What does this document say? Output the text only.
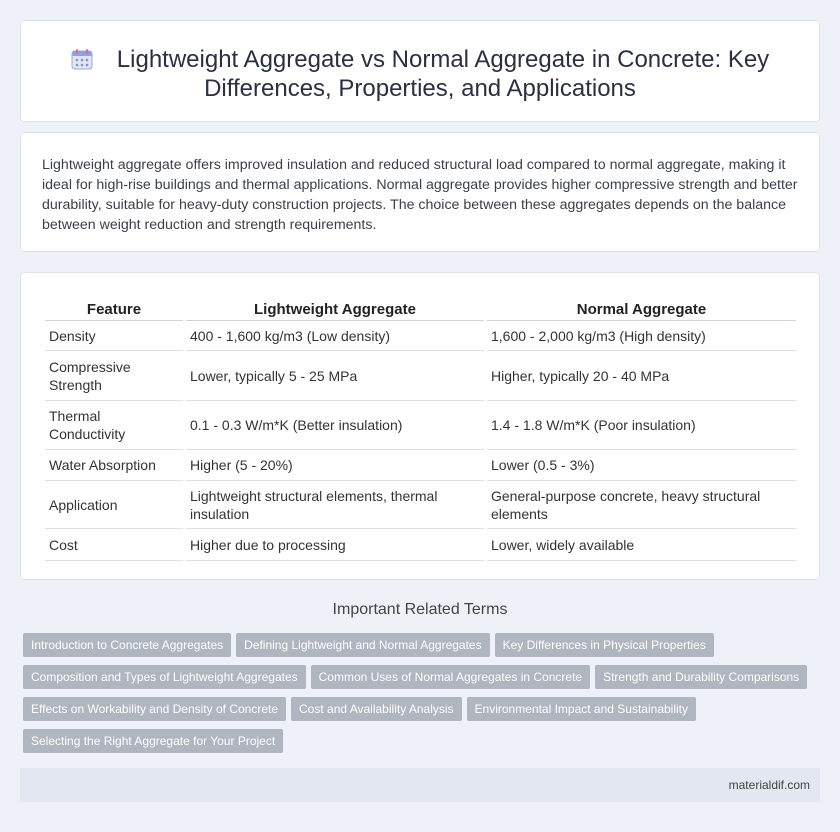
Lightweight Aggregate vs Normal Aggregate in Concrete: Key Differences, Properties, and Applications

Lightweight aggregate offers improved insulation and reduced structural load compared to normal aggregate, making it ideal for high-rise buildings and thermal applications. Normal aggregate provides higher compressive strength and better durability, suitable for heavy-duty construction projects. The choice between these aggregates depends on the balance between weight reduction and strength requirements.

Feature	Lightweight Aggregate	Normal Aggregate
Density	400 - 1,600 kg/m3 (Low density)	1,600 - 2,000 kg/m3 (High density)
Compressive Strength	Lower, typically 5 - 25 MPa	Higher, typically 20 - 40 MPa
Thermal Conductivity	0.1 - 0.3 W/m*K (Better insulation)	1.4 - 1.8 W/m*K (Poor insulation)
Water Absorption	Higher (5 - 20%)	Lower (0.5 - 3%)
Application	Lightweight structural elements, thermal insulation	General-purpose concrete, heavy structural elements
Cost	Higher due to processing	Lower, widely available
Important Related Terms
Introduction to Concrete Aggregates Defining Lightweight and Normal Aggregates Key Differences in Physical Properties
Composition and Types of Lightweight Aggregates Common Uses of Normal Aggregates in Concrete Strength and Durability Comparisons
Effects on Workability and Density of Concrete Cost and Availability Analysis Environmental Impact and Sustainability
Selecting the Right Aggregate for Your Project
materialdif.com
